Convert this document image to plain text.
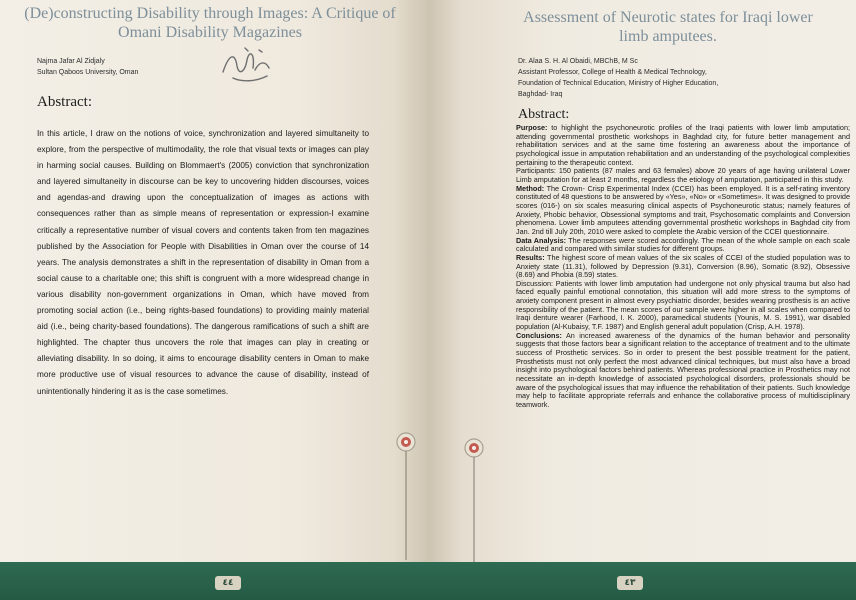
(De)constructing Disability through Images: A Critique of Omani Disability Magazines
Najma Jafar Al Zidjaly
Sultan Qaboos University, Oman
Abstract:

In this article, I draw on the notions of voice, synchronization and layered simultaneity to explore, from the perspective of multimodality, the role that visual texts or images can play in harming social causes. Building on Blommaert's (2005) conviction that synchronization and layered simultaneity in discourse can be key to uncovering hidden discourses, voices and agendas-and drawing upon the conceptualization of images as actions with consequences rather than as simple means of representation or expression-I examine critically a representative number of visual covers and contents taken from ten magazines published by the Association for People with Disabilities in Oman over the course of 14 years. The analysis demonstrates a shift in the representation of disability in Oman from a social cause to a charitable one; this shift is congruent with a more widespread change in various disability non-government organizations in Oman, which have moved from promoting social action (i.e., being rights-based foundations) to providing mainly material aid (i.e., being charity-based foundations). The dangerous ramifications of such a shift are highlighted. The chapter thus uncovers the role that images can play in creating or alleviating disability. In so doing, it aims to encourage disability centers in Oman to make more productive use of visual resources to advance the cause of disability, instead of unintentionally hindering it as is the case sometimes.

٤٤
Assessment of Neurotic states for Iraqi lower limb amputees.
Dr. Alaa S. H. Al Obaidi, MBChB, M Sc
Assistant Professor, College of Health & Medical Technology,
Foundation of Technical Education, Ministry of Higher Education,
Baghdad- Iraq
Abstract:

Purpose: to highlight the psychoneurotic profiles of the Iraqi patients with lower limb amputation; attending governmental prosthetic workshops in Baghdad city, for future better management and rehabilitation services and at the same time fostering an awareness about the importance of psychological issue in amputation rehabilitation and an understanding of the psychological complexities pertaining to the therapeutic context.

Participants: 150 patients (87 males and 63 females) above 20 years of age having unilateral Lower Limb amputation for at least 2 months, regardless the etiology of amputation, participated in this study.

Method: The Crown- Crisp Experimental Index (CCEI) has been employed. It is a self-rating inventory constituted of 48 questions to be answered by «Yes», «No» or «Sometimes». It was designed to provide scores (016-) on six scales measuring clinical aspects of Psychoneurotic status; namely features of Anxiety, Phobic behavior, Obsessional symptoms and trait, Psychosomatic complaints and Conversion phenomena. Lower limb amputees attending governmental prosthetic workshops in Baghdad city from Jan. 2nd till July 20th, 2010 were asked to complete the Arabic version of the CCEI questionnaire.

Data Analysis: The responses were scored accordingly. The mean of the whole sample on each scale calculated and compared with similar studies for different groups.

Results: The highest score of mean values of the six scales of CCEI of the studied population was to Anxiety state (11.31), followed by Depression (9.31), Conversion (8.96), Somatic (8.92), Obsessive (8.69) and Phobia (8.59) states.

Discussion: Patients with lower limb amputation had undergone not only physical trauma but also had faced equally painful emotional connotation, this situation will add more stress to the symptoms of anxiety component present in almost every psychiatric disorder, besides wearing prosthesis is an active responsibility of the patient. The mean scores of our sample were higher in all scales when compared to Iraqi denture wearer (Farhood, I. K. 2000), paramedical students (Younis, M. S. 1991), war disabled population (Al-Kubaisy, T.F. 1987) and English general adult population (Crisp, A.H. 1978).

Conclusions: An increased awareness of the dynamics of the human behavior and personality suggests that those factors bear a significant relation to the acceptance of treatment and to the ultimate success of Prosthetic services. So in order to present the best possible treatment for the patient, Prosthetists must not only perfect the most advanced clinical techniques, but must also have a broad insight into psychological factors behind patients. Whereas professional practice in Prosthetics may not necessitate an in-depth knowledge of associated psychological disorders, professionals should be aware of the psychological issues that may influence the rehabilitation of their patients. Such knowledge may help to facilitate appropriate referrals and enhance the collaborative process of multidisciplinary teamwork.

٤٣
